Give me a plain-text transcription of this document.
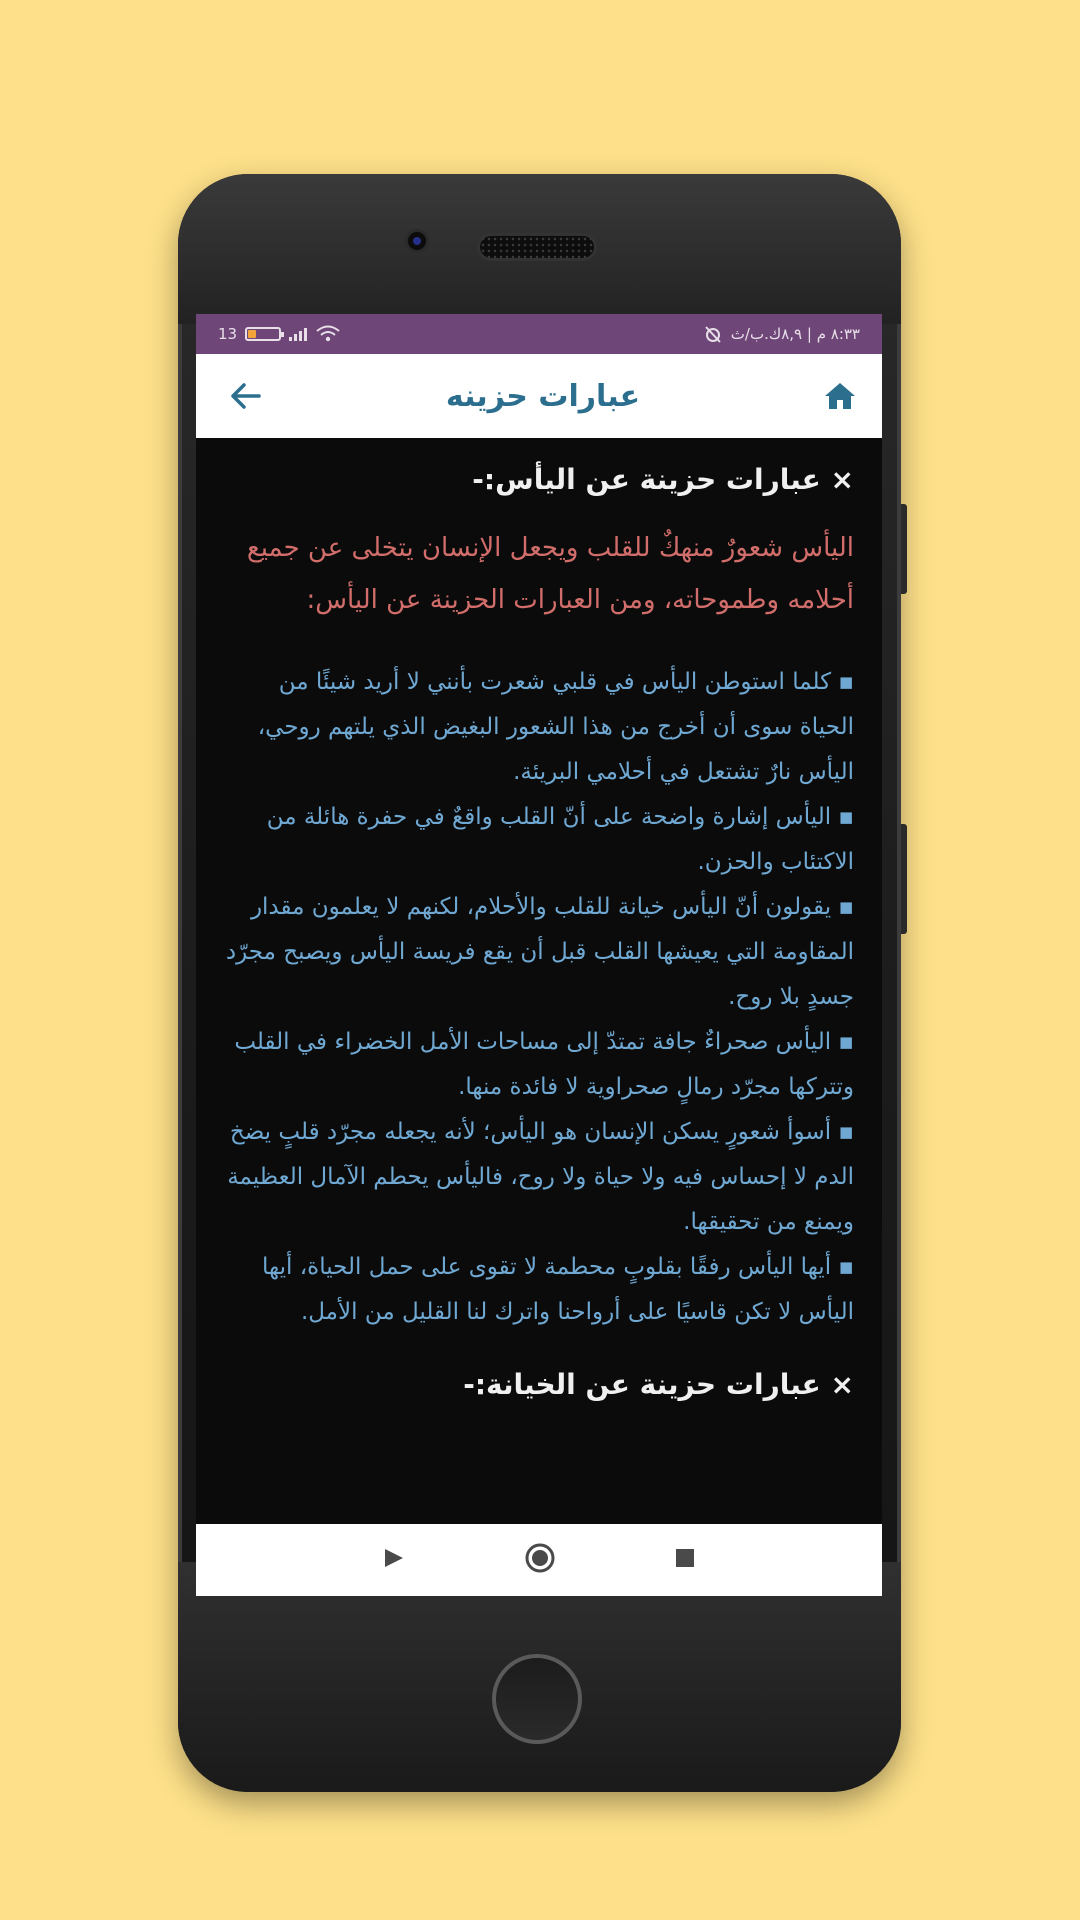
13	٨:٣٣ م | ٨,٩ك.ب/ث
عبارات حزينه
× عبارات حزينة عن اليأس:-
اليأس شعورٌ منهكٌ للقلب ويجعل الإنسان يتخلى عن جميع أحلامه وطموحاته، ومن العبارات الحزينة عن اليأس:
▪ كلما استوطن اليأس في قلبي شعرت بأنني لا أريد شيئًا من الحياة سوى أن أخرج من هذا الشعور البغيض الذي يلتهم روحي، اليأس نارٌ تشتعل في أحلامي البريئة.
▪ اليأس إشارة واضحة على أنّ القلب واقعٌ في حفرة هائلة من الاكتئاب والحزن.
▪ يقولون أنّ اليأس خيانة للقلب والأحلام، لكنهم لا يعلمون مقدار المقاومة التي يعيشها القلب قبل أن يقع فريسة اليأس ويصبح مجرّد جسدٍ بلا روح.
▪ اليأس صحراءٌ جافة تمتدّ إلى مساحات الأمل الخضراء في القلب وتتركها مجرّد رمالٍ صحراوية لا فائدة منها.
▪ أسوأ شعورٍ يسكن الإنسان هو اليأس؛ لأنه يجعله مجرّد قلبٍ يضخ الدم لا إحساس فيه ولا حياة ولا روح، فاليأس يحطم الآمال العظيمة ويمنع من تحقيقها.
▪ أيها اليأس رفقًا بقلوبٍ محطمة لا تقوى على حمل الحياة، أيها اليأس لا تكن قاسيًا على أرواحنا واترك لنا القليل من الأمل.
× عبارات حزينة عن الخيانة:-
